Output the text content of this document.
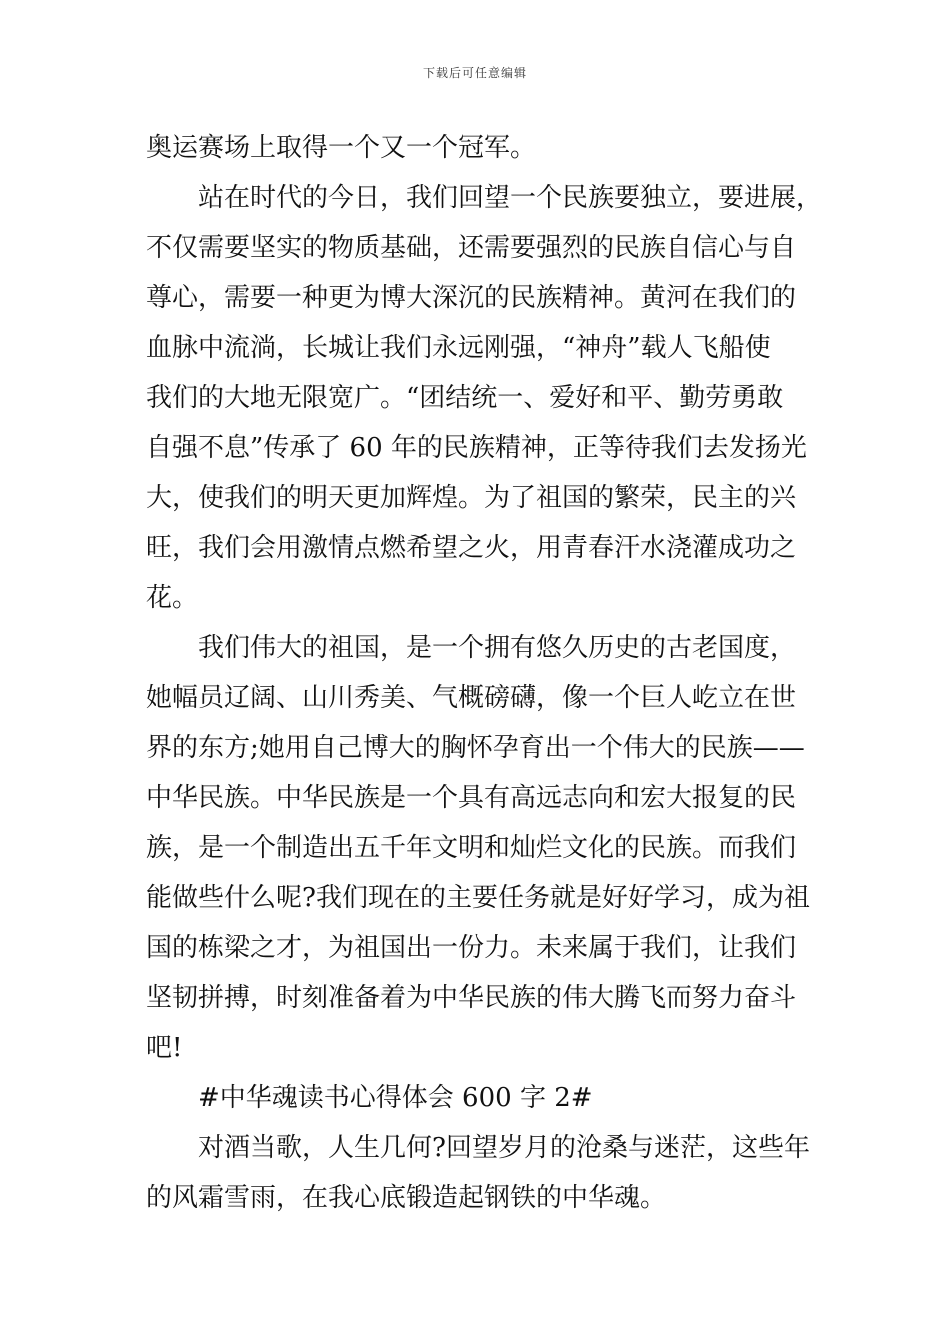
下载后可任意编辑
奥运赛场上取得一个又一个冠军。
站在时代的今日，我们回望一个民族要独立，要进展，
不仅需要坚实的物质基础，还需要强烈的民族自信心与自
尊心，需要一种更为博大深沉的民族精神。黄河在我们的
血脉中流淌，长城让我们永远刚强，“神舟”载人飞船使
我们的大地无限宽广。“团结统一、爱好和平、勤劳勇敢
自强不息”传承了 60 年的民族精神，正等待我们去发扬光
大，使我们的明天更加辉煌。为了祖国的繁荣，民主的兴
旺，我们会用激情点燃希望之火，用青春汗水浇灌成功之
花。
我们伟大的祖国，是一个拥有悠久历史的古老国度，
她幅员辽阔、山川秀美、气概磅礴，像一个巨人屹立在世
界的东方;她用自己博大的胸怀孕育出一个伟大的民族——
中华民族。中华民族是一个具有高远志向和宏大报复的民
族，是一个制造出五千年文明和灿烂文化的民族。而我们
能做些什么呢?我们现在的主要任务就是好好学习，成为祖
国的栋梁之才，为祖国出一份力。未来属于我们，让我们
坚韧拼搏，时刻准备着为中华民族的伟大腾飞而努力奋斗
吧!
#中华魂读书心得体会 600 字 2#
对酒当歌，人生几何?回望岁月的沧桑与迷茫，这些年
的风霜雪雨，在我心底锻造起钢铁的中华魂。
